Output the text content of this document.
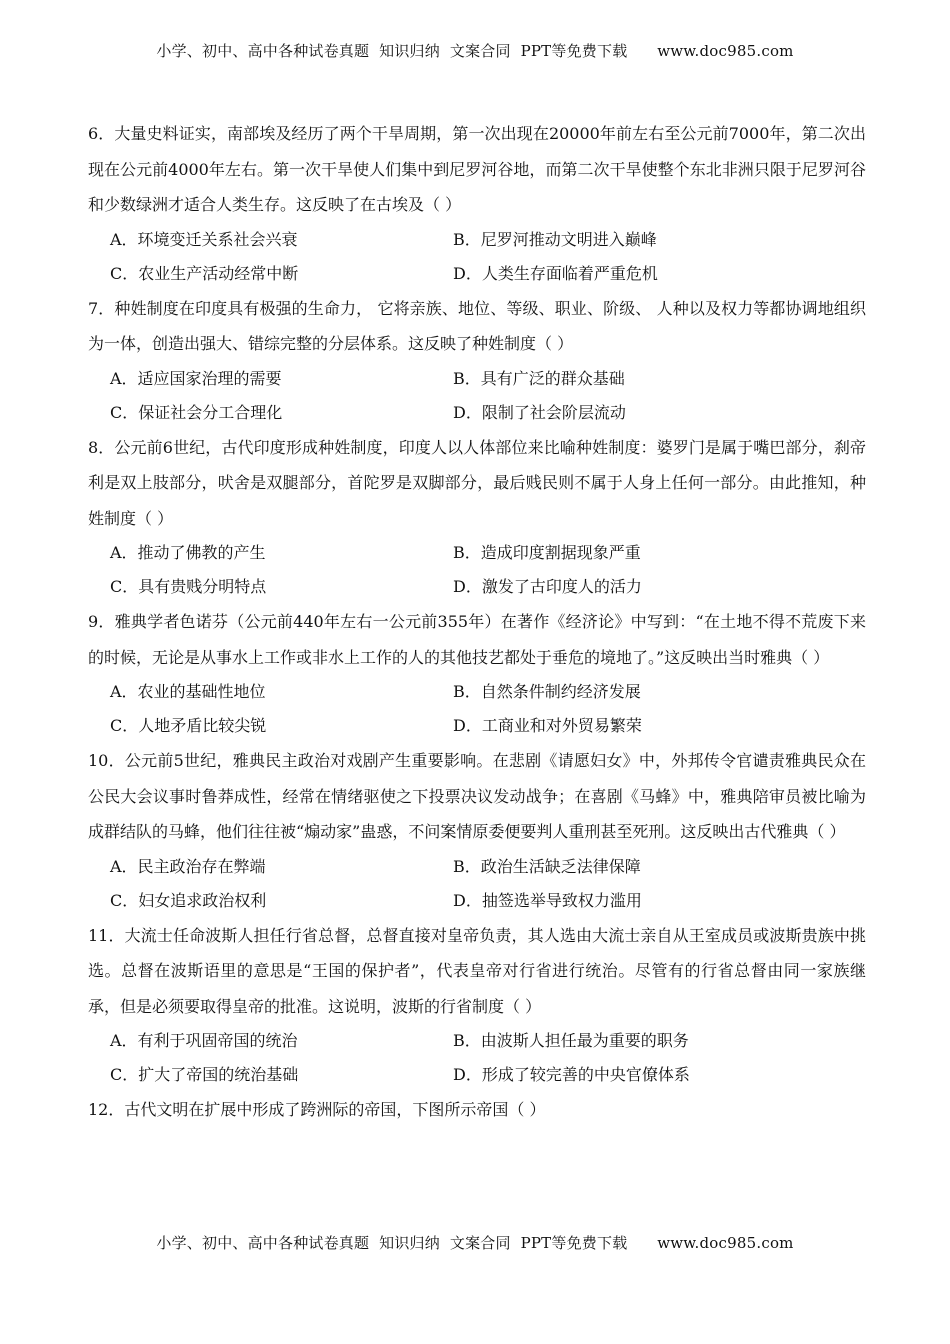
小学、初中、高中各种试卷真题  知识归纳  文案合同  PPT等免费下载      www.doc985.com

6．大量史料证实，南部埃及经历了两个干旱周期，第一次出现在20000年前左右至公元前7000年，第二次出现在公元前4000年左右。第一次干旱使人们集中到尼罗河谷地，而第二次干旱使整个东北非洲只限于尼罗河谷和少数绿洲才适合人类生存。这反映了在古埃及（ ）

A．环境变迁关系社会兴衰	B．尼罗河推动文明进入巅峰
C．农业生产活动经常中断	D．人类生存面临着严重危机

7．种姓制度在印度具有极强的生命力， 它将亲族、地位、等级、职业、阶级、 人种以及权力等都协调地组织为一体，创造出强大、错综完整的分层体系。这反映了种姓制度（ ）

A．适应国家治理的需要	B．具有广泛的群众基础
C．保证社会分工合理化	D．限制了社会阶层流动

8．公元前6世纪，古代印度形成种姓制度，印度人以人体部位来比喻种姓制度：婆罗门是属于嘴巴部分，刹帝利是双上肢部分，吠舍是双腿部分，首陀罗是双脚部分，最后贱民则不属于人身上任何一部分。由此推知，种姓制度（ ）

A．推动了佛教的产生	B．造成印度割据现象严重
C．具有贵贱分明特点	D．激发了古印度人的活力

9．雅典学者色诺芬（公元前440年左右一公元前355年）在著作《经济论》中写到：“在土地不得不荒废下来的时候，无论是从事水上工作或非水上工作的人的其他技艺都处于垂危的境地了。”这反映出当时雅典（ ）

A．农业的基础性地位	B．自然条件制约经济发展
C．人地矛盾比较尖锐	D．工商业和对外贸易繁荣

10．公元前5世纪，雅典民主政治对戏剧产生重要影响。在悲剧《请愿妇女》中，外邦传令官谴责雅典民众在公民大会议事时鲁莽成性，经常在情绪驱使之下投票决议发动战争；在喜剧《马蜂》中，雅典陪审员被比喻为成群结队的马蜂，他们往往被“煽动家”蛊惑，不问案情原委便要判人重刑甚至死刑。这反映出古代雅典（ ）

A．民主政治存在弊端	B．政治生活缺乏法律保障
C．妇女追求政治权利	D．抽签选举导致权力滥用

11．大流士任命波斯人担任行省总督，总督直接对皇帝负责，其人选由大流士亲自从王室成员或波斯贵族中挑选。总督在波斯语里的意思是“王国的保护者”，代表皇帝对行省进行统治。尽管有的行省总督由同一家族继承，但是必须要取得皇帝的批准。这说明，波斯的行省制度（ ）

A．有利于巩固帝国的统治	B．由波斯人担任最为重要的职务
C．扩大了帝国的统治基础	D．形成了较完善的中央官僚体系

12．古代文明在扩展中形成了跨洲际的帝国，下图所示帝国（ ）

小学、初中、高中各种试卷真题  知识归纳  文案合同  PPT等免费下载      www.doc985.com
